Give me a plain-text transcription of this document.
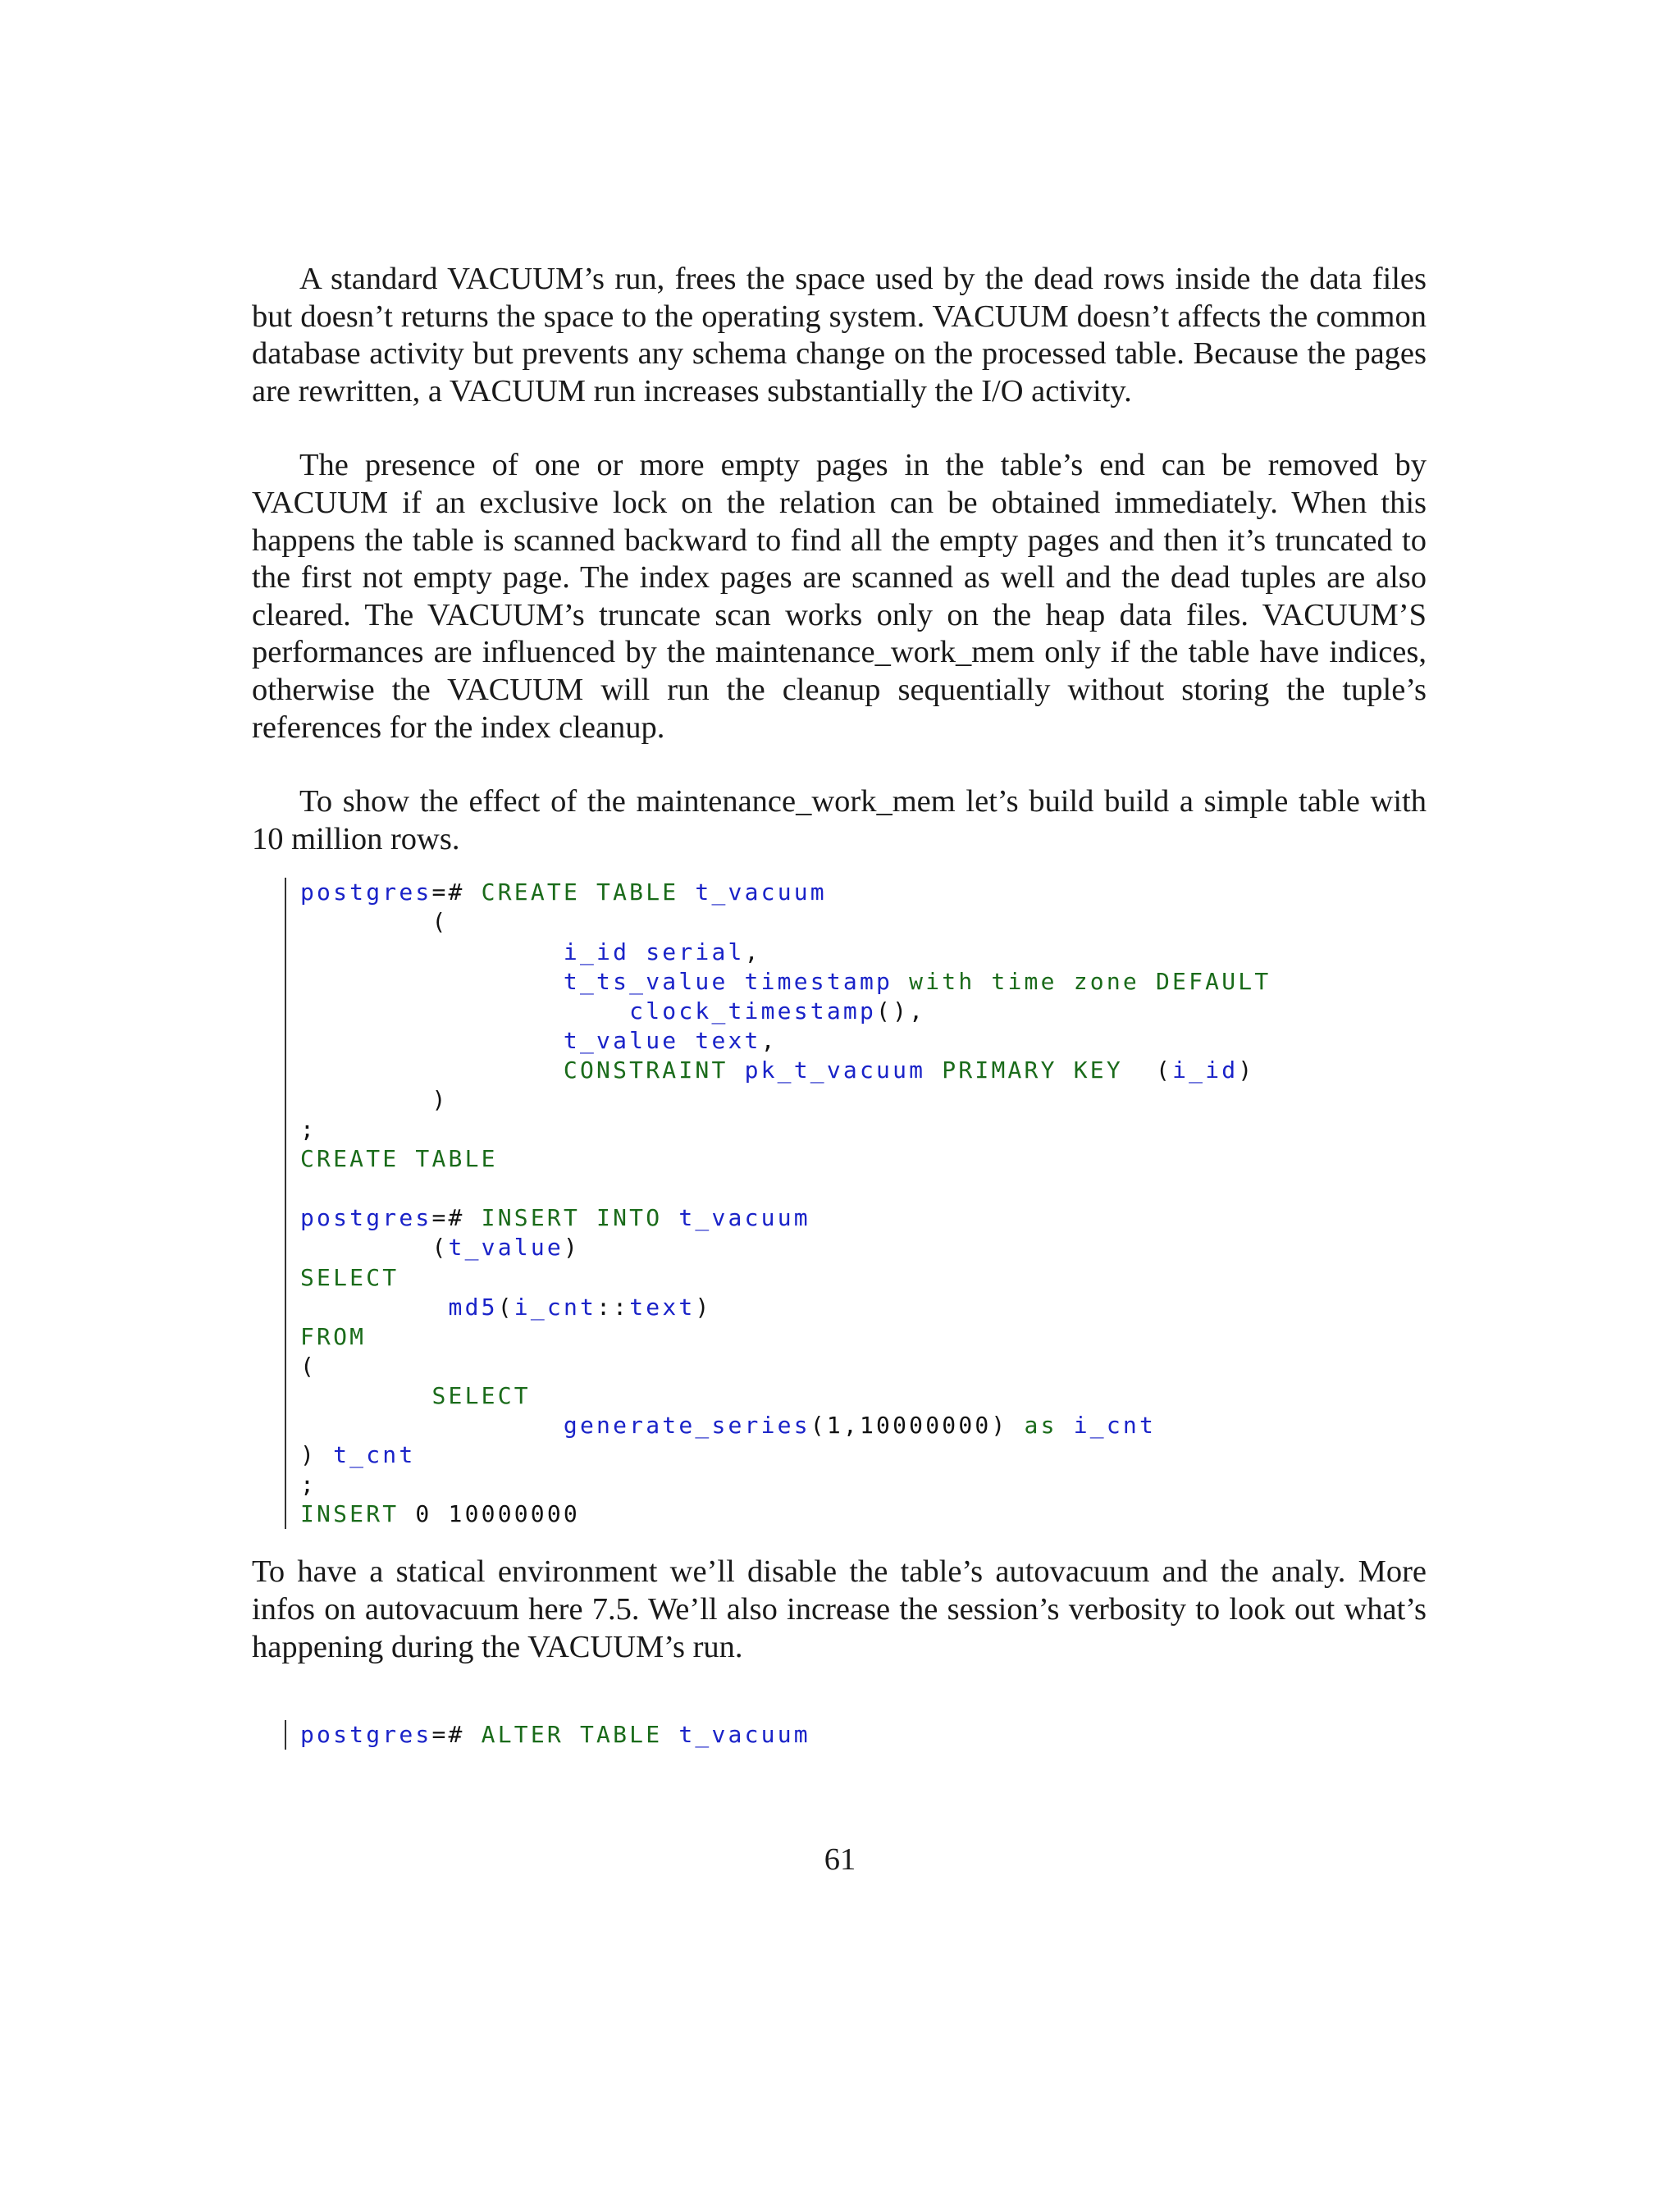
A standard VACUUM’s run, frees the space used by the dead rows inside the data files but doesn’t returns the space to the operating system. VACUUM doesn’t affects the common database activity but prevents any schema change on the processed table. Because the pages are rewritten, a VACUUM run increases substantially the I/O activity.

The presence of one or more empty pages in the table’s end can be removed by VACUUM if an exclusive lock on the relation can be obtained immediately. When this happens the table is scanned backward to find all the empty pages and then it’s truncated to the first not empty page. The index pages are scanned as well and the dead tuples are also cleared. The VACUUM’s truncate scan works only on the heap data files. VACUUM’S performances are influenced by the maintenance_work_mem only if the table have indices, otherwise the VACUUM will run the cleanup sequentially without storing the tuple’s references for the index cleanup.

To show the effect of the maintenance_work_mem let’s build build a simple table with 10 million rows.

postgres=# CREATE TABLE t_vacuum
(
i_id serial,
t_ts_value timestamp with time zone DEFAULT
clock_timestamp(),
t_value text,
CONSTRAINT pk_t_vacuum PRIMARY KEY  (i_id)
)
;
CREATE TABLE
postgres=# INSERT INTO t_vacuum
(t_value)
SELECT
md5(i_cnt::text)
FROM
(
SELECT
generate_series(1,10000000) as i_cnt
) t_cnt
;
INSERT 0 10000000

To have a statical environment we’ll disable the table’s autovacuum and the analy. More infos on autovacuum here 7.5. We’ll also increase the session’s verbosity to look out what’s happening during the VACUUM’s run.

postgres=# ALTER TABLE t_vacuum
61
